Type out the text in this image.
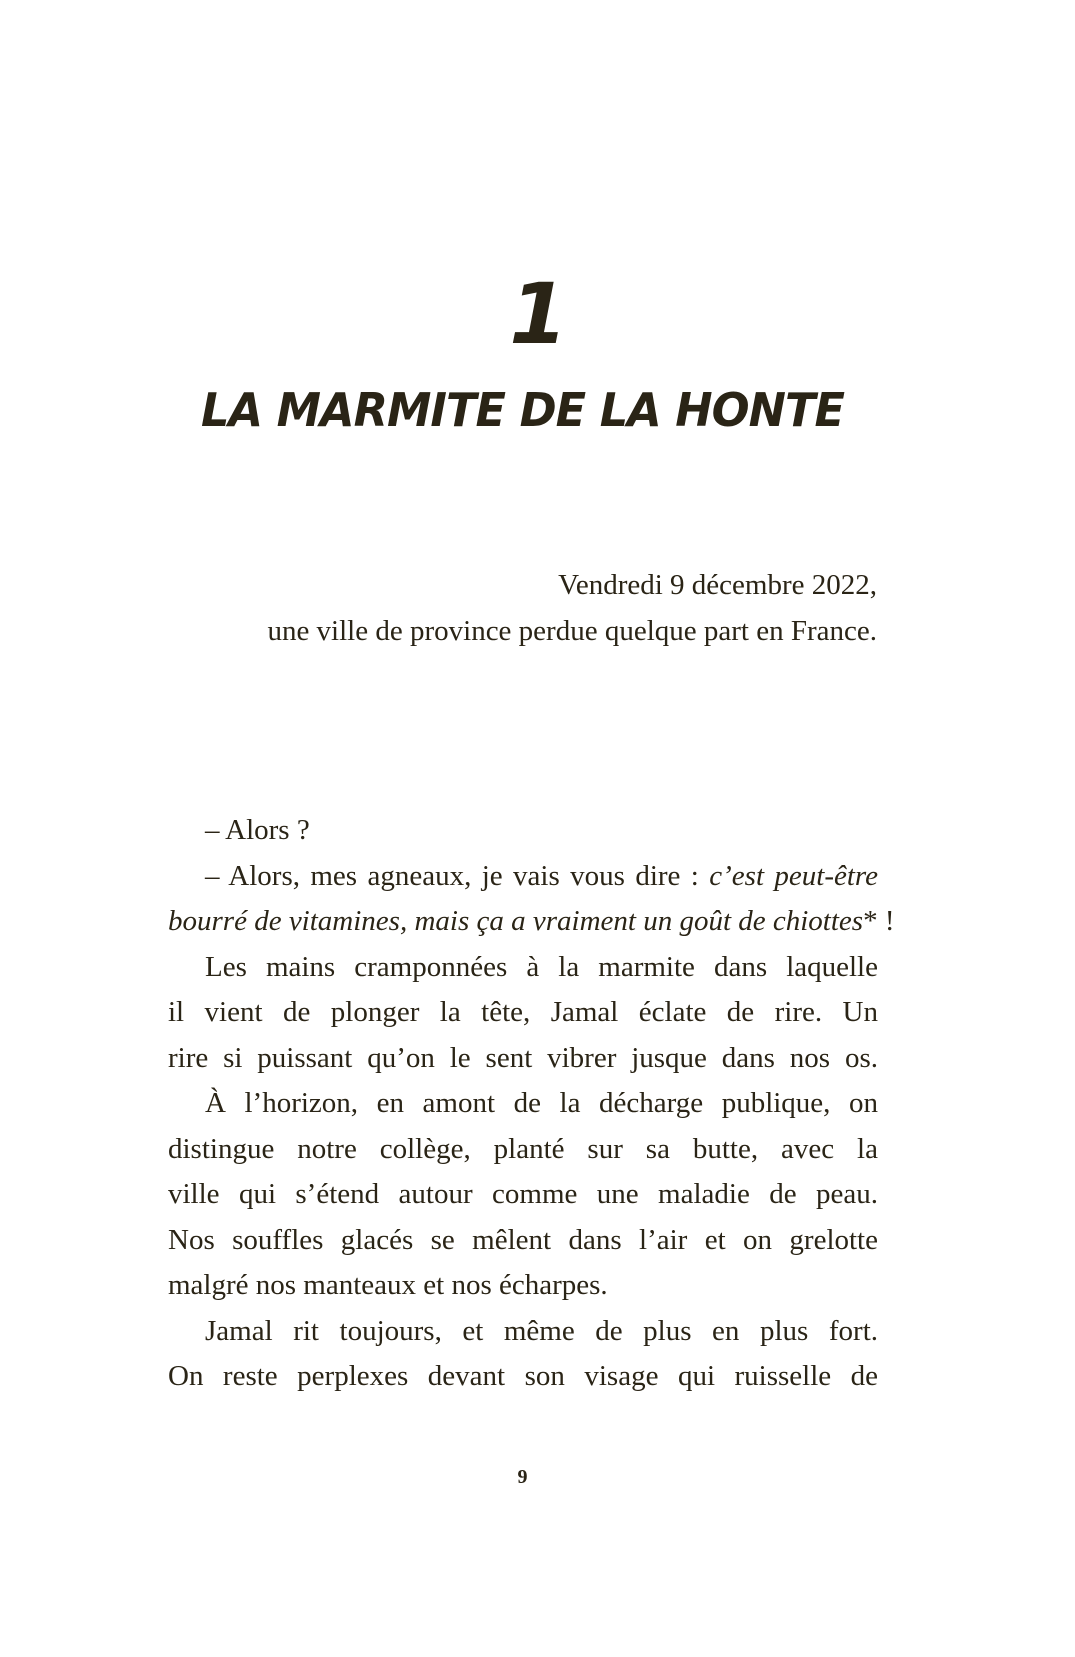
1
LA MARMITE DE LA HONTE
Vendredi 9 décembre 2022,
une ville de province perdue quelque part en France.
– Alors ?
– Alors, mes agneaux, je vais vous dire : c’est peut-être
bourré de vitamines, mais ça a vraiment un goût de chiottes* !
Les mains cramponnées à la marmite dans laquelle
il vient de plonger la tête, Jamal éclate de rire. Un
rire si puissant qu’on le sent vibrer jusque dans nos os.
À l’horizon, en amont de la décharge publique, on
distingue notre collège, planté sur sa butte, avec la
ville qui s’étend autour comme une maladie de peau.
Nos souffles glacés se mêlent dans l’air et on grelotte
malgré nos manteaux et nos écharpes.
Jamal rit toujours, et même de plus en plus fort.
On reste perplexes devant son visage qui ruisselle de
9
